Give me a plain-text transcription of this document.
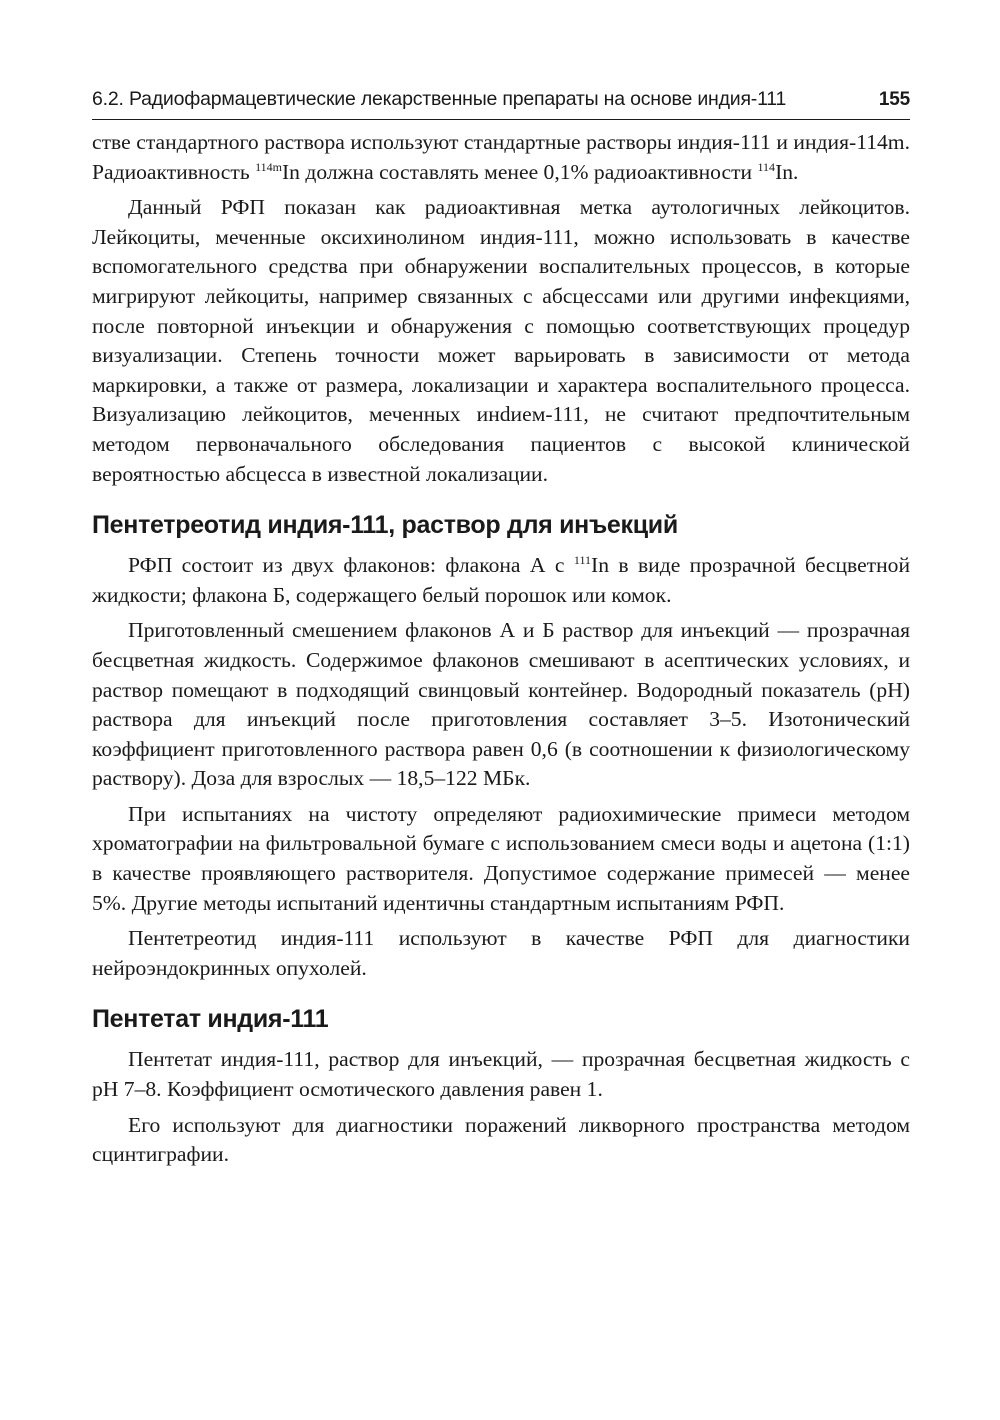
6.2. Радиофармацевтические лекарственные препараты на основе индия-111	155

стве стандартного раствора используют стандартные растворы индия-111 и индия-114m. Радиоактивность $^{114m}$In должна составлять менее 0,1% радиоактивности $^{114}$In.

Данный РФП показан как радиоактивная метка аутологичных лейкоцитов. Лейкоциты, меченные оксихинолином индия-111, можно использовать в качестве вспомогательного средства при обнаружении воспалительных процессов, в которые мигрируют лейкоциты, например связанных с абсцессами или другими инфекциями, после повторной инъекции и обнаружения с помощью соответствующих процедур визуализации. Степень точности может варьировать в зависимости от метода маркировки, а также от размера, локализации и характера воспалительного процесса. Визуализацию лейкоцитов, меченных инdием-111, не считают предпочтительным методом первоначального обследования пациентов с высокой клинической вероятностью абсцесса в известной локализации.

Пентетреотид индия-111, раствор для инъекций

РФП состоит из двух флаконов: флакона А с $^{111}$In в виде прозрачной бесцветной жидкости; флакона Б, содержащего белый порошок или комок.

Приготовленный смешением флаконов А и Б раствор для инъекций — прозрачная бесцветная жидкость. Содержимое флаконов смешивают в асептических условиях, и раствор помещают в подходящий свинцовый контейнер. Водородный показатель (pH) раствора для инъекций после приготовления составляет 3–5. Изотонический коэффициент приготовленного раствора равен 0,6 (в соотношении к физиологическому раствору). Доза для взрослых — 18,5–122 МБк.

При испытаниях на чистоту определяют радиохимические примеси методом хроматографии на фильтровальной бумаге с использованием смеси воды и ацетона (1:1) в качестве проявляющего растворителя. Допустимое содержание примесей — менее 5%. Другие методы испытаний идентичны стандартным испытаниям РФП.

Пентетреотид индия-111 используют в качестве РФП для диагностики нейроэндокринных опухолей.

Пентетат индия-111

Пентетат индия-111, раствор для инъекций, — прозрачная бесцветная жидкость с pH 7–8. Коэффициент осмотического давления равен 1.

Его используют для диагностики поражений ликворного пространства методом сцинтиграфии.
